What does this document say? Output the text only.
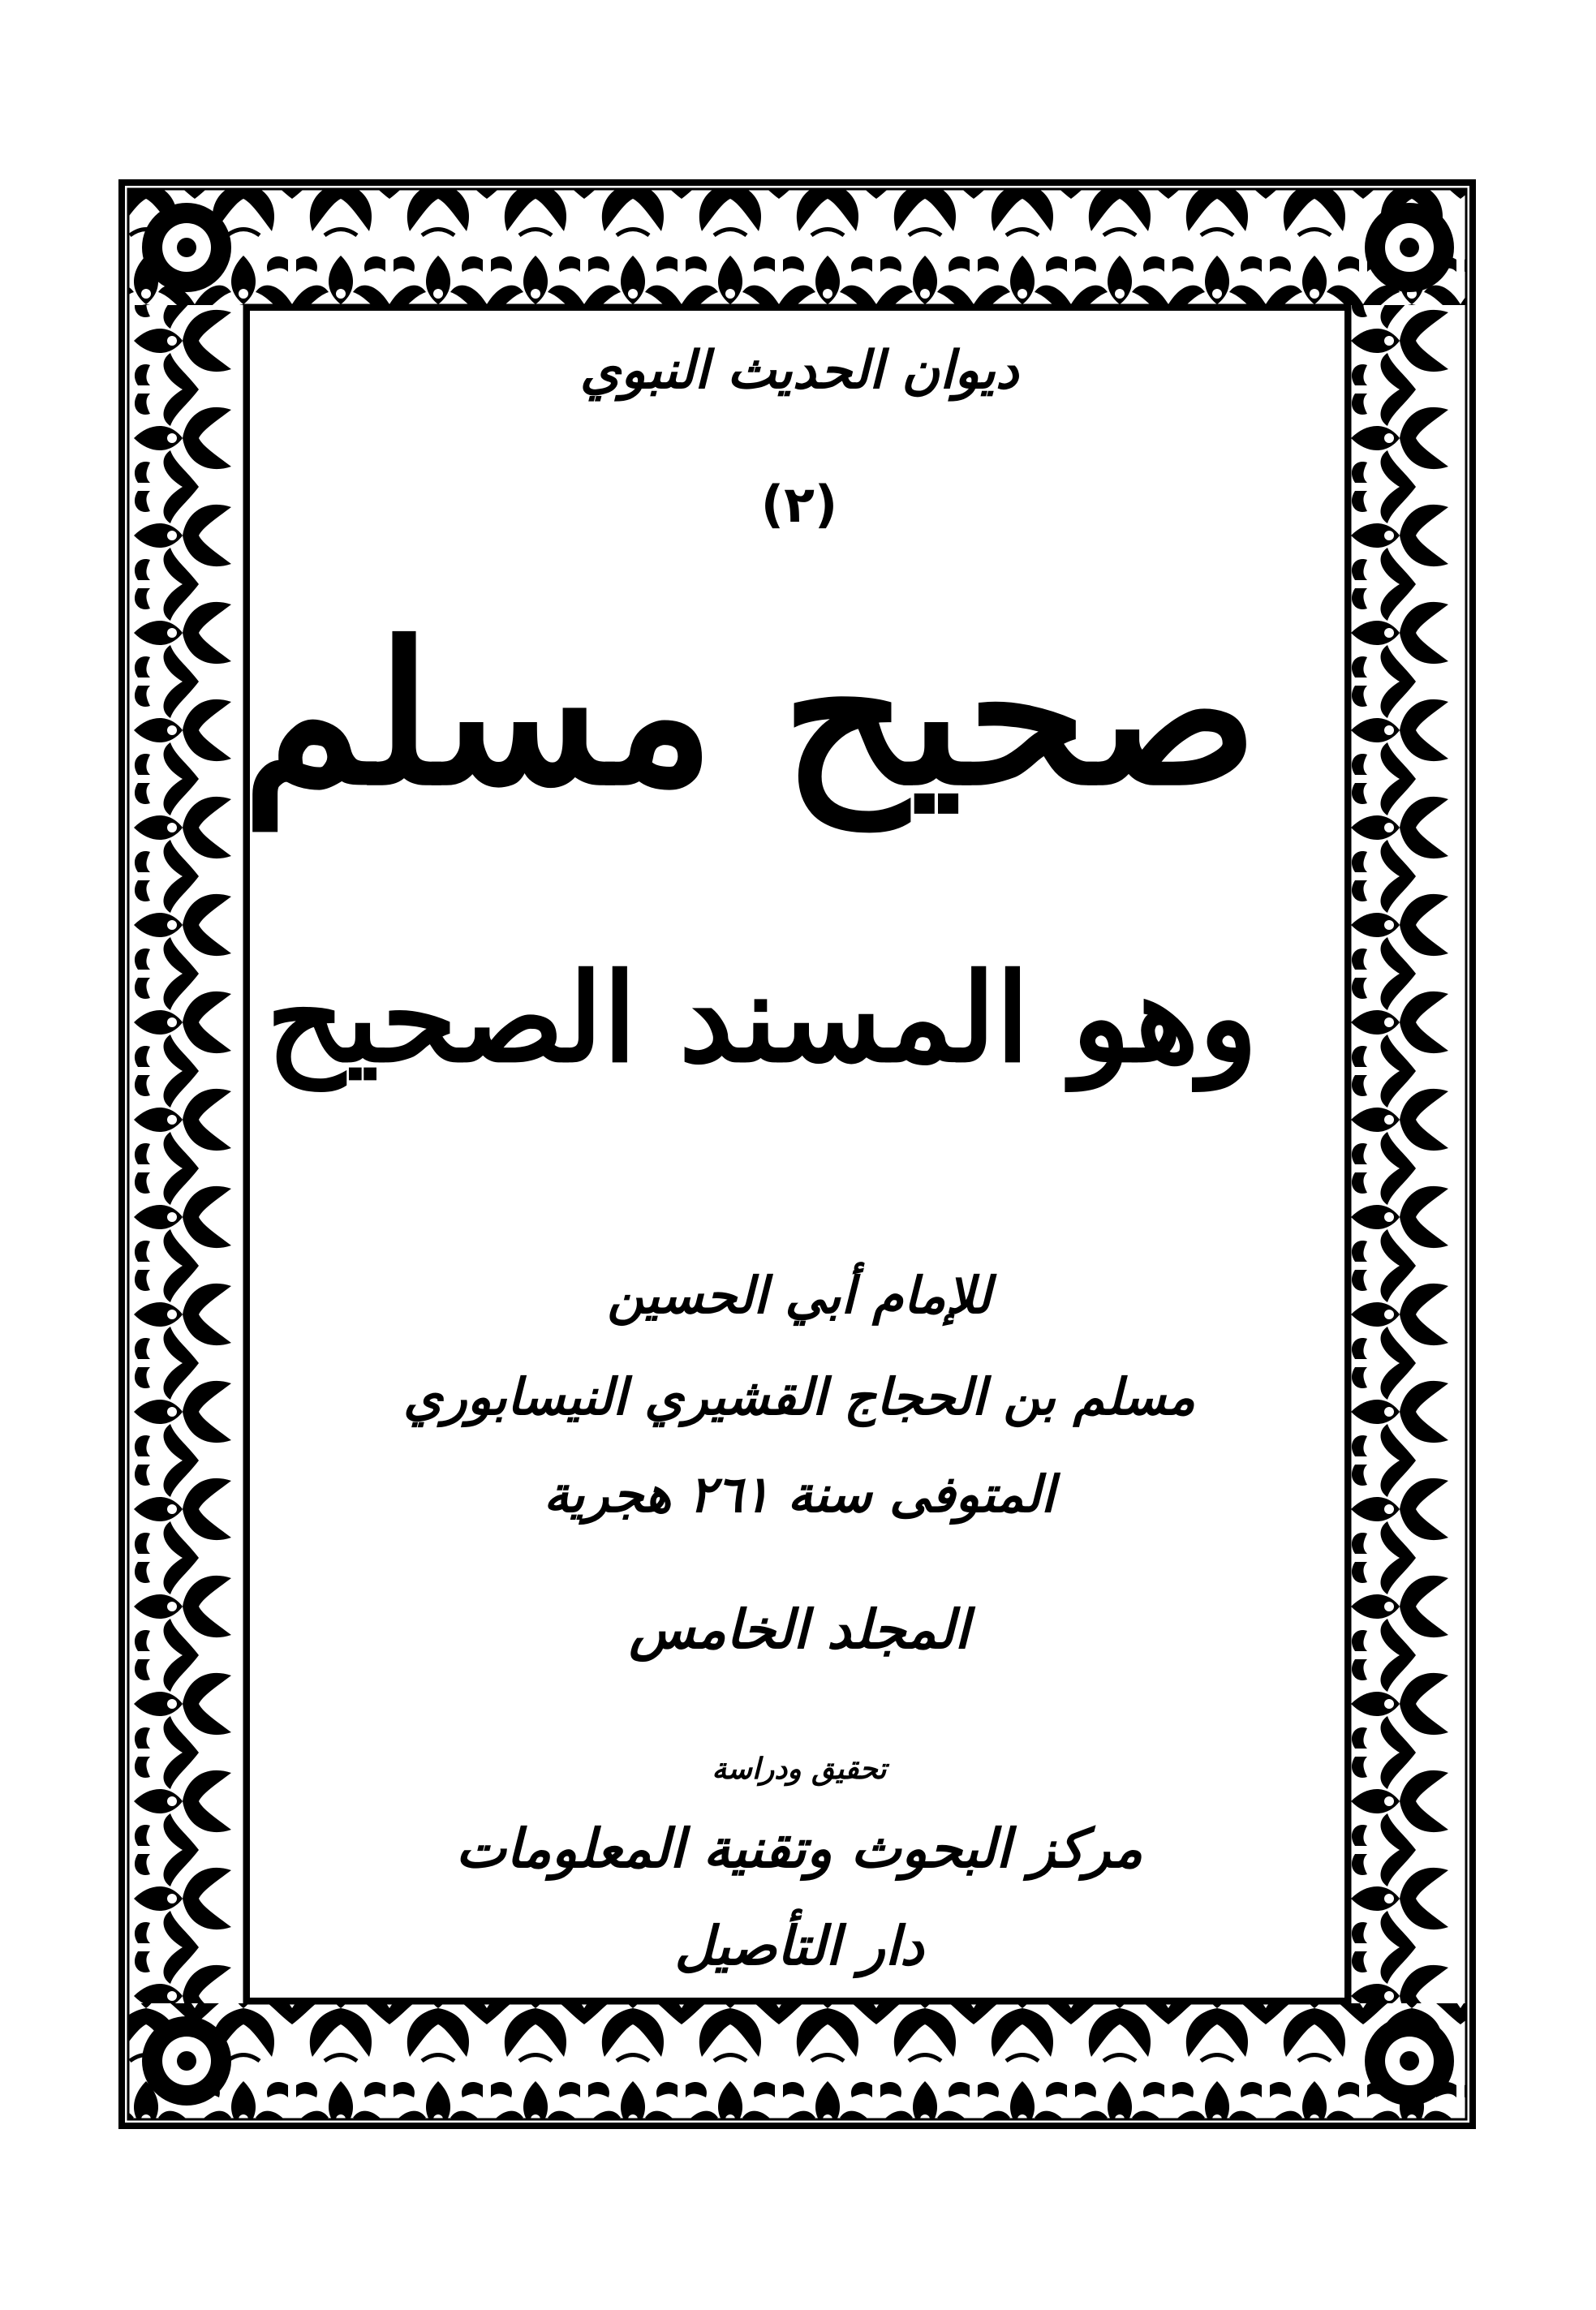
ديوان الحديث النبوي
(٢)
صحيح مسلم
وهو المسند الصحيح
للإمام أبي الحسين
مسلم بن الحجاج القشيري النيسابوري
المتوفى سنة ٢٦١ هجرية
المجلد الخامس
تحقيق ودراسة
مركز البحوث وتقنية المعلومات
دار التأصيل
